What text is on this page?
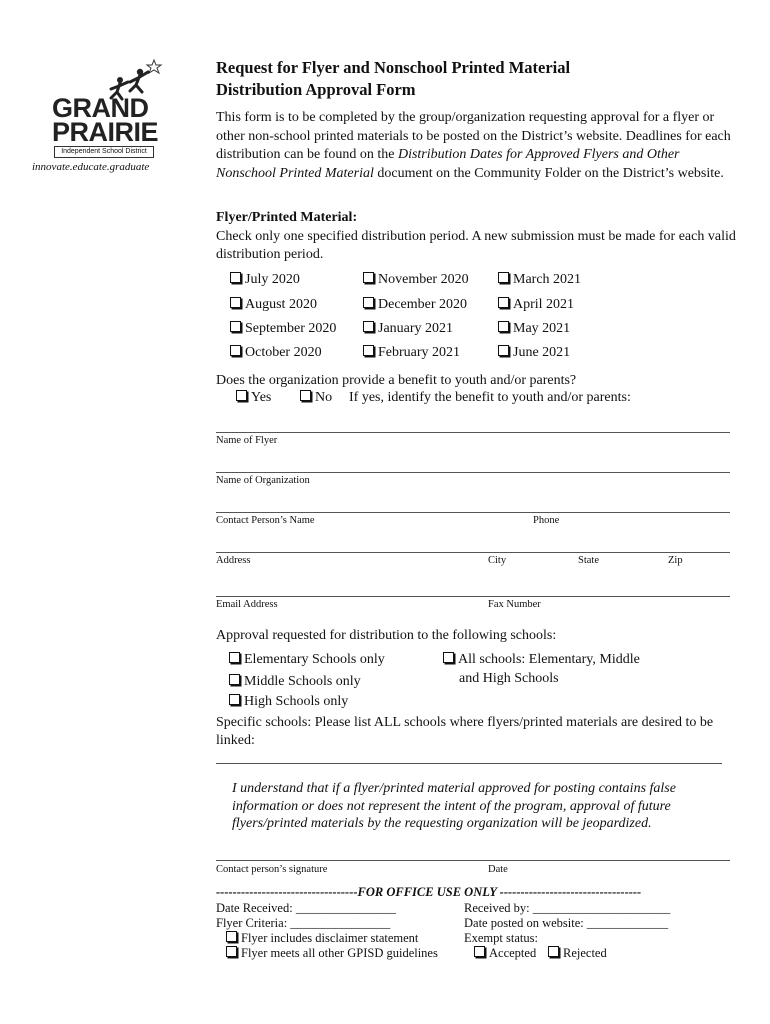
GRAND
PRAIRIE
Independent School District
innovate.educate.graduate
Request for Flyer and Nonschool Printed Material
Distribution Approval Form
This form is to be completed by the group/organization requesting approval for a flyer or other non-school printed materials to be posted on the District’s website. Deadlines for each distribution can be found on the Distribution Dates for Approved Flyers and Other Nonschool Printed Material document on the Community Folder on the District’s website.
Flyer/Printed Material:
Check only one specified distribution period. A new submission must be made for each valid distribution period.
July 2020	November 2020	March 2021
August 2020	December 2020	April 2021
September 2020	January 2021	May 2021
October 2020	February 2021	June 2021
Does the organization provide a benefit to youth and/or parents?
Yes	No If yes, identify the benefit to youth and/or parents:
Name of Flyer
Name of Organization
Contact Person’s Name	Phone
Address	City	State	Zip
Email Address	Fax Number
Approval requested for distribution to the following schools:
Elementary Schools only
Middle Schools only
High Schools only
All schools: Elementary, Middle
and High Schools
Specific schools: Please list ALL schools where flyers/printed materials are desired to be linked:
I understand that if a flyer/printed material approved for posting contains false information or does not represent the intent of the program, approval of future flyers/printed materials by the requesting organization will be jeopardized.
Contact person’s signature	Date
----------------------------------FOR OFFICE USE ONLY ----------------------------------
Date Received: ________________	Received by: ______________________
Flyer Criteria: ________________	Date posted on website: _____________
Flyer includes disclaimer statement	Exempt status:
Flyer meets all other GPISD guidelines	Accepted	Rejected
